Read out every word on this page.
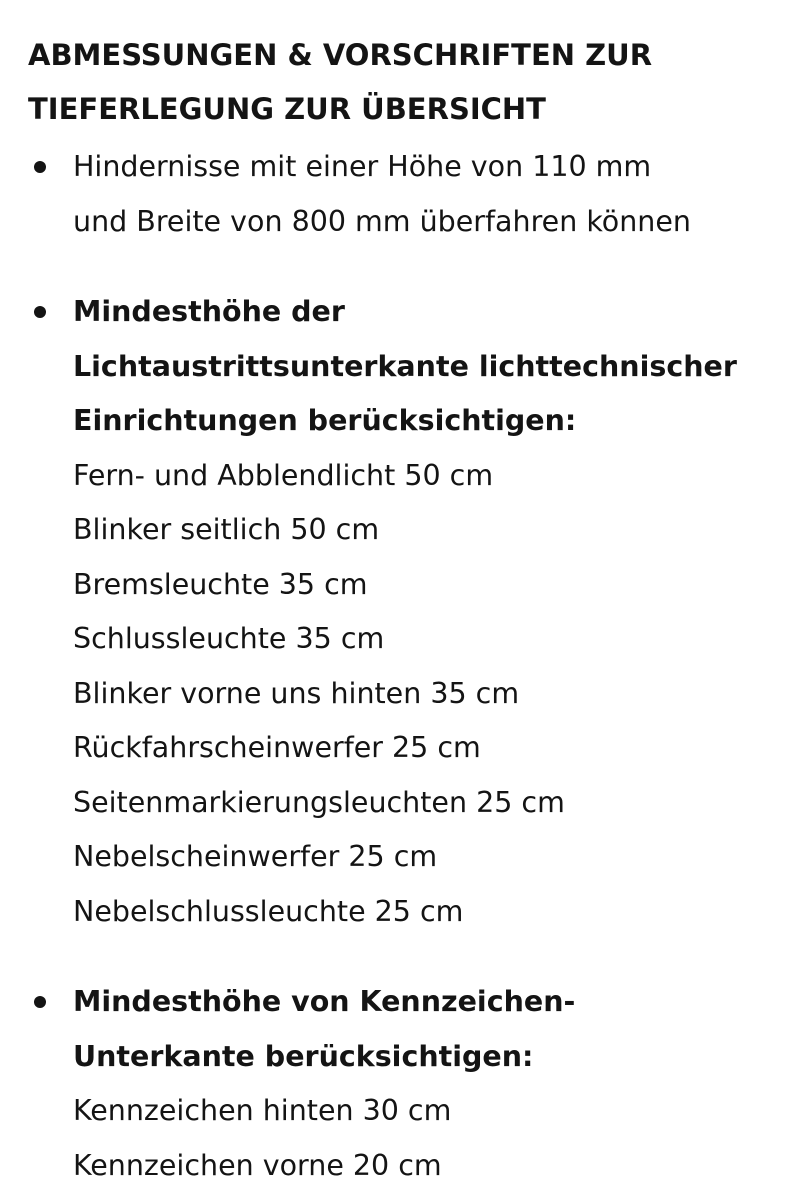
ABMESSUNGEN & VORSCHRIFTEN ZUR
TIEFERLEGUNG ZUR ÜBERSICHT
Hindernisse mit einer Höhe von 110 mm
und Breite von 800 mm überfahren können
Mindesthöhe der
Lichtaustrittsunterkante lichttechnischer
Einrichtungen berücksichtigen:
Fern- und Abblendlicht 50 cm
Blinker seitlich 50 cm
Bremsleuchte 35 cm
Schlussleuchte 35 cm
Blinker vorne uns hinten 35 cm
Rückfahrscheinwerfer 25 cm
Seitenmarkierungsleuchten 25 cm
Nebelscheinwerfer 25 cm
Nebelschlussleuchte 25 cm
Mindesthöhe von Kennzeichen-
Unterkante berücksichtigen:
Kennzeichen hinten 30 cm
Kennzeichen vorne 20 cm
